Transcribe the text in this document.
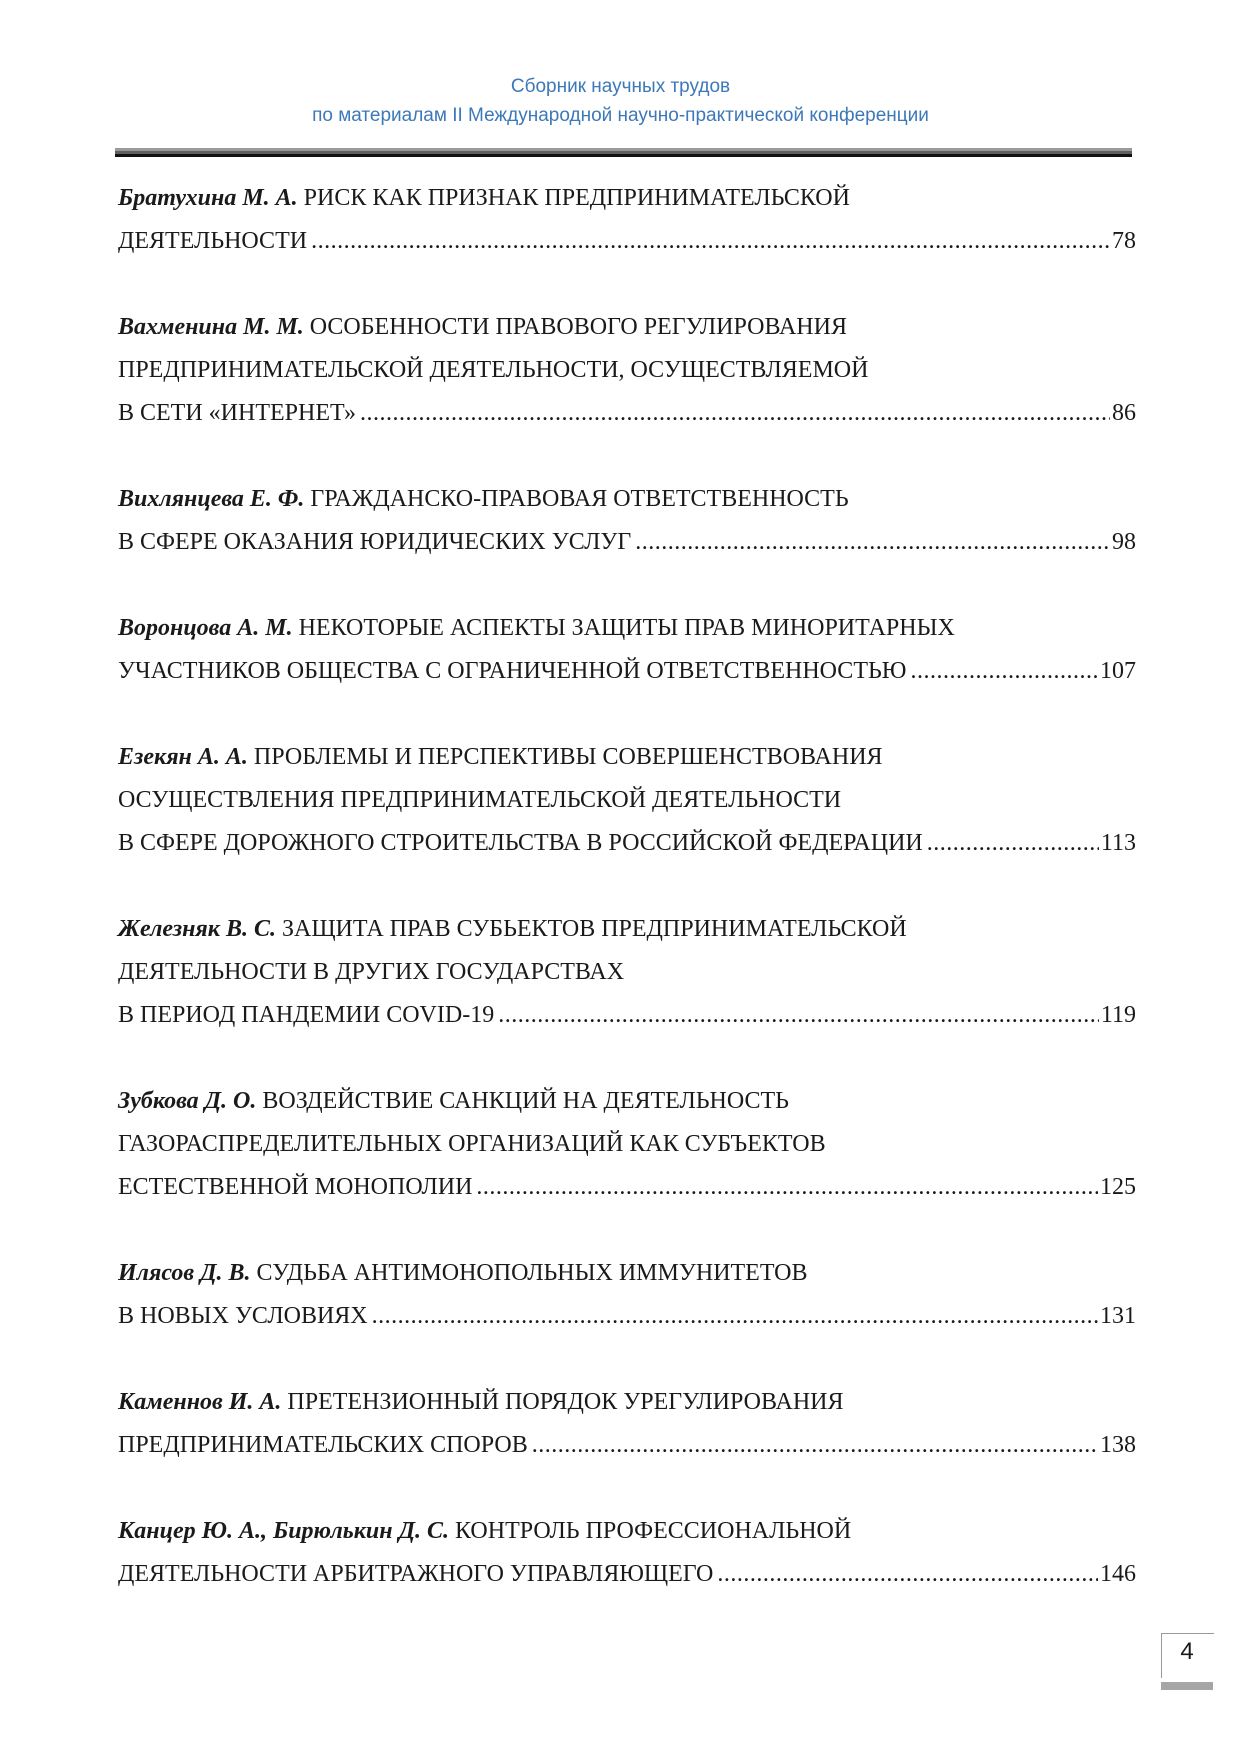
Сборник научных трудов
по материалам II Международной научно-практической конференции
Братухина М. А. РИСК КАК ПРИЗНАК ПРЕДПРИНИМАТЕЛЬСКОЙ
ДЕЯТЕЛЬНОСТИ .....	78
Вахменина М. М. ОСОБЕННОСТИ ПРАВОВОГО РЕГУЛИРОВАНИЯ
ПРЕДПРИНИМАТЕЛЬСКОЙ ДЕЯТЕЛЬНОСТИ, ОСУЩЕСТВЛЯЕМОЙ
В СЕТИ «ИНТЕРНЕТ» .....	86
Вихлянцева Е. Ф. ГРАЖДАНСКО-ПРАВОВАЯ ОТВЕТСТВЕННОСТЬ
В СФЕРЕ ОКАЗАНИЯ ЮРИДИЧЕСКИХ УСЛУГ .....	98
Воронцова А. М. НЕКОТОРЫЕ АСПЕКТЫ ЗАЩИТЫ ПРАВ МИНОРИТАРНЫХ
УЧАСТНИКОВ ОБЩЕСТВА С ОГРАНИЧЕННОЙ ОТВЕТСТВЕННОСТЬЮ .....	107
Езекян А. А. ПРОБЛЕМЫ И ПЕРСПЕКТИВЫ СОВЕРШЕНСТВОВАНИЯ
ОСУЩЕСТВЛЕНИЯ ПРЕДПРИНИМАТЕЛЬСКОЙ ДЕЯТЕЛЬНОСТИ
В СФЕРЕ ДОРОЖНОГО СТРОИТЕЛЬСТВА В РОССИЙСКОЙ ФЕДЕРАЦИИ .....	113
Железняк В. С. ЗАЩИТА ПРАВ СУБЬЕКТОВ ПРЕДПРИНИМАТЕЛЬСКОЙ
ДЕЯТЕЛЬНОСТИ В ДРУГИХ ГОСУДАРСТВАХ
В ПЕРИОД ПАНДЕМИИ COVID-19 .....	119
Зубкова Д. О. ВОЗДЕЙСТВИЕ САНКЦИЙ НА ДЕЯТЕЛЬНОСТЬ
ГАЗОРАСПРЕДЕЛИТЕЛЬНЫХ ОРГАНИЗАЦИЙ КАК СУБЪЕКТОВ
ЕСТЕСТВЕННОЙ МОНОПОЛИИ .....	125
Илясов Д. В. СУДЬБА АНТИМОНОПОЛЬНЫХ ИММУНИТЕТОВ
В НОВЫХ УСЛОВИЯХ .....	131
Каменнов И. А. ПРЕТЕНЗИОННЫЙ ПОРЯДОК УРЕГУЛИРОВАНИЯ
ПРЕДПРИНИМАТЕЛЬСКИХ СПОРОВ .....	138
Канцер Ю. А., Бирюлькин Д. С. КОНТРОЛЬ ПРОФЕССИОНАЛЬНОЙ
ДЕЯТЕЛЬНОСТИ АРБИТРАЖНОГО УПРАВЛЯЮЩЕГО .....	146
4
